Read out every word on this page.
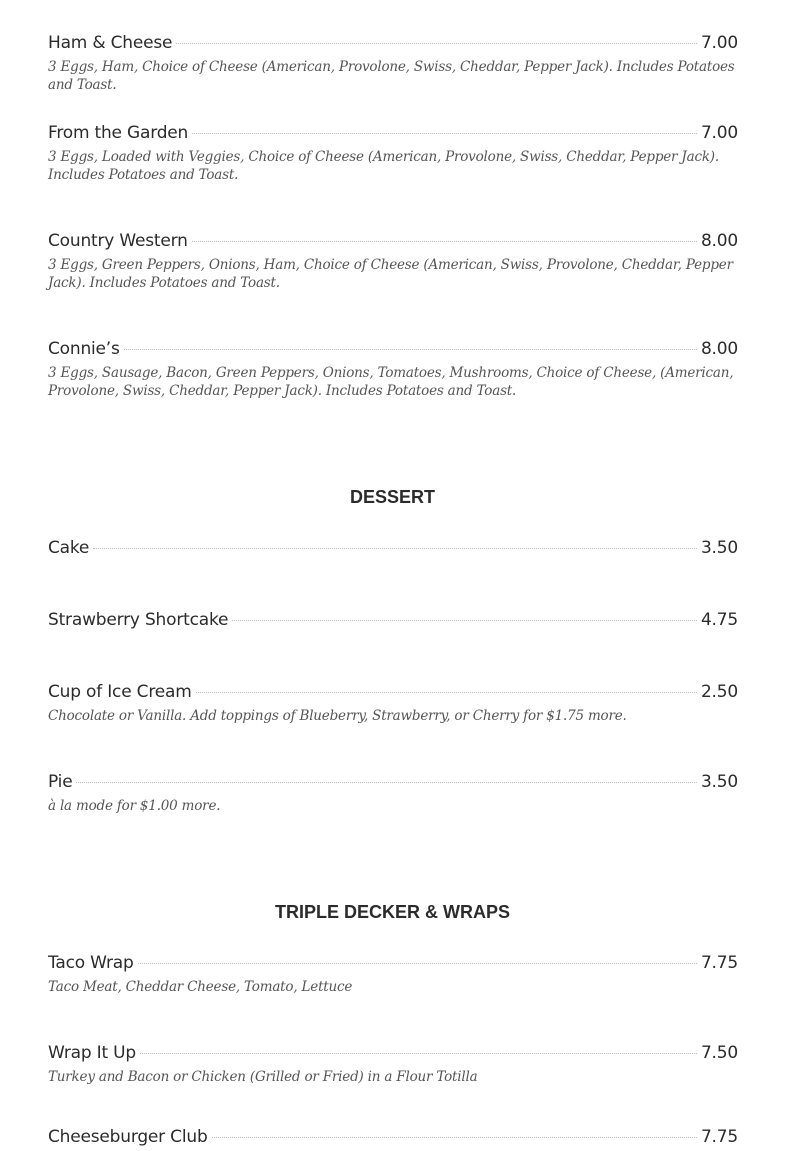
Ham & Cheese	7.00
3 Eggs, Ham, Choice of Cheese (American, Provolone, Swiss, Cheddar, Pepper Jack). Includes Potatoes and Toast.
From the Garden	7.00
3 Eggs, Loaded with Veggies, Choice of Cheese (American, Provolone, Swiss, Cheddar, Pepper Jack). Includes Potatoes and Toast.
Country Western	8.00
3 Eggs, Green Peppers, Onions, Ham, Choice of Cheese (American, Swiss, Provolone, Cheddar, Pepper Jack). Includes Potatoes and Toast.
Connie’s	8.00
3 Eggs, Sausage, Bacon, Green Peppers, Onions, Tomatoes, Mushrooms, Choice of Cheese, (American, Provolone, Swiss, Cheddar, Pepper Jack). Includes Potatoes and Toast.
DESSERT
Cake	3.50
Strawberry Shortcake	4.75
Cup of Ice Cream	2.50
Chocolate or Vanilla. Add toppings of Blueberry, Strawberry, or Cherry for $1.75 more.
Pie	3.50
à la mode for $1.00 more.
TRIPLE DECKER & WRAPS
Taco Wrap	7.75
Taco Meat, Cheddar Cheese, Tomato, Lettuce
Wrap It Up	7.50
Turkey and Bacon or Chicken (Grilled or Fried) in a Flour Totilla
Cheeseburger Club	7.75
